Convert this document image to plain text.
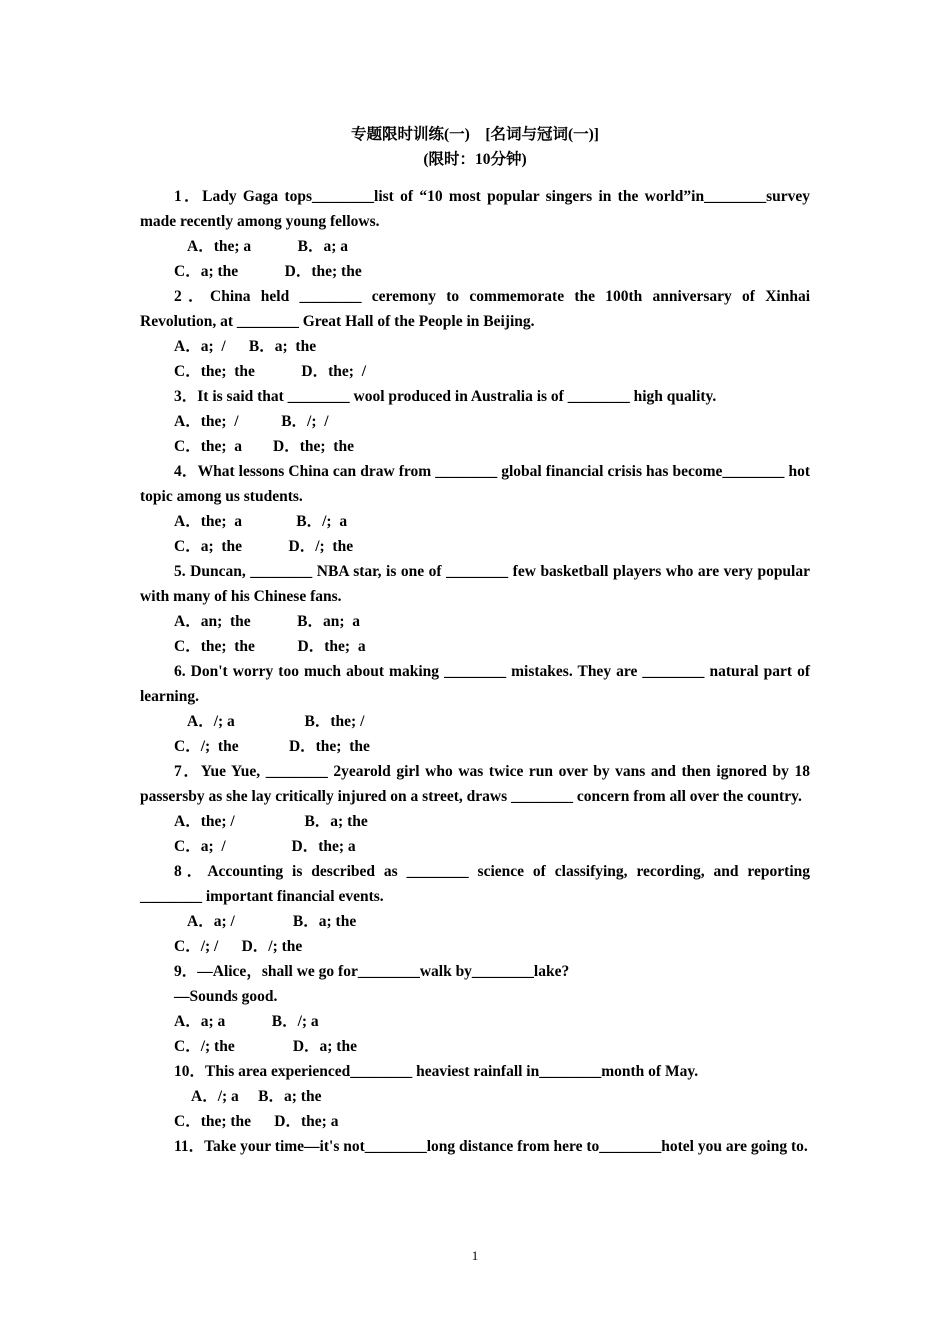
专题限时训练(一)　[名词与冠词(一)]
(限时：10分钟)
1．Lady Gaga tops________list of “10 most popular singers in the world”in________survey made recently among young fellows.
A．the; a            B．a; a
C．a; the            D．the; the
2．China held ________ ceremony to commemorate the 100th anniversary of Xinhai Revolution, at ________ Great Hall of the People in Beijing.
A．a;  /      B．a;  the
C．the;  the            D．the;  /
3．It is said that ________ wool produced in Australia is of ________ high quality.
A．the;  /           B．/;  /
C．the;  a        D．the;  the
4．What lessons China can draw from ________ global financial crisis has become________ hot topic among us students.
A．the;  a              B．/;  a
C．a;  the            D．/;  the
5. Duncan, ________ NBA star, is one of ________ few basketball players who are very popular with many of his Chinese fans.
A．an;  the            B．an;  a
C．the;  the           D．the;  a
6. Don't worry too much about making ________ mistakes. They are ________ natural part of learning.
A．/; a                  B．the; /
C．/;  the             D．the;  the
7．Yue Yue, ________ 2yearold girl who was twice run over by vans and then ignored by 18 passersby as she lay critically injured on a street, draws ________ concern from all over the country.
A．the; /                  B．a; the
C．a;  /                 D．the; a
8．Accounting is described as ________ science of classifying, recording, and reporting ________ important financial events.
A．a; /               B．a; the
C．/; /      D．/; the
9．—Alice，shall we go for________walk by________lake?
—Sounds good.
A．a; a            B．/; a
C．/; the               D．a; the
10．This area experienced________ heaviest rainfall in________month of May.
A．/; a     B．a; the
C．the; the      D．the; a
11．Take your time—it's not________long distance from here to________hotel you are going to.
1
